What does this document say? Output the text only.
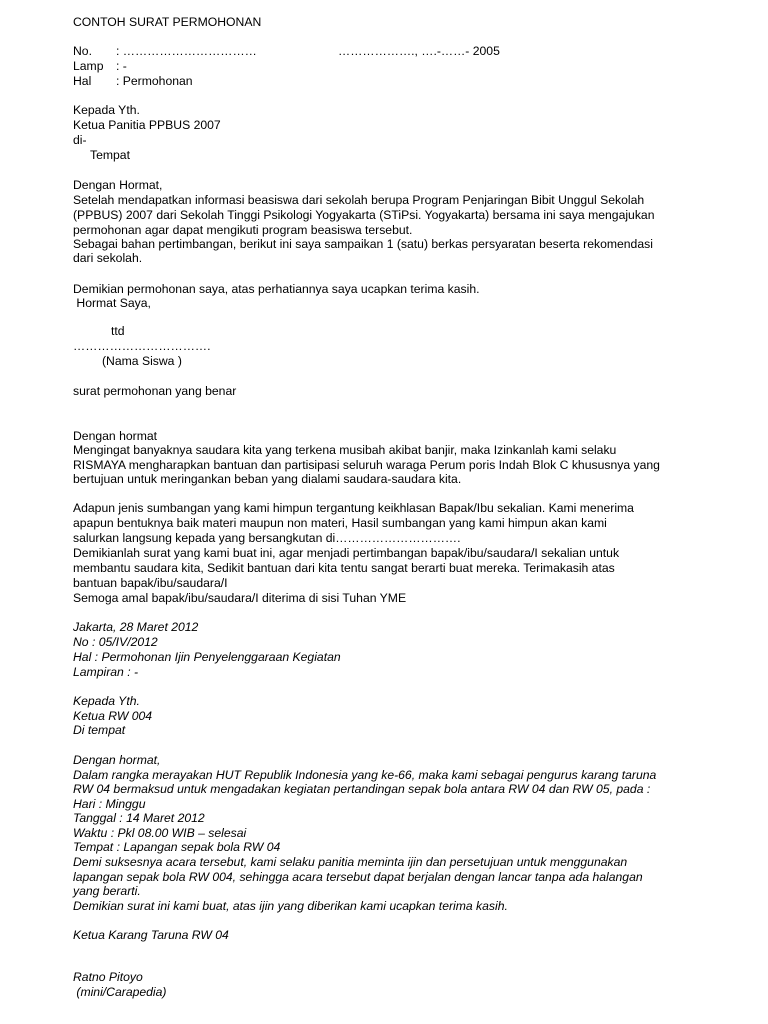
CONTOH SURAT PERMOHONAN
No. : ……………………………	………………., ….-……- 2005
Lamp : -
Hal : Permohonan
Kepada Yth.
Ketua Panitia PPBUS 2007
di-
Tempat
Dengan Hormat,
Setelah mendapatkan informasi beasiswa dari sekolah berupa Program Penjaringan Bibit Unggul Sekolah
(PPBUS) 2007 dari Sekolah Tinggi Psikologi Yogyakarta (STiPsi. Yogyakarta) bersama ini saya mengajukan
permohonan agar dapat mengikuti program beasiswa tersebut.
Sebagai bahan pertimbangan, berikut ini saya sampaikan 1 (satu) berkas persyaratan beserta rekomendasi
dari sekolah.
Demikian permohonan saya, atas perhatiannya saya ucapkan terima kasih.
Hormat Saya,
ttd
…………………………….
(Nama Siswa )
surat permohonan yang benar
Dengan hormat
Mengingat banyaknya saudara kita yang terkena musibah akibat banjir, maka Izinkanlah kami selaku
RISMAYA mengharapkan bantuan dan partisipasi seluruh waraga Perum poris Indah Blok C khususnya yang
bertujuan untuk meringankan beban yang dialami saudara-saudara kita.
Adapun jenis sumbangan yang kami himpun tergantung keikhlasan Bapak/Ibu sekalian. Kami menerima
apapun bentuknya baik materi maupun non materi, Hasil sumbangan yang kami himpun akan kami
salurkan langsung kepada yang bersangkutan di………………………….
Demikianlah surat yang kami buat ini, agar menjadi pertimbangan bapak/ibu/saudara/I sekalian untuk
membantu saudara kita, Sedikit bantuan dari kita tentu sangat berarti buat mereka. Terimakasih atas
bantuan bapak/ibu/saudara/I
Semoga amal bapak/ibu/saudara/I diterima di sisi Tuhan YME
Jakarta, 28 Maret 2012
No : 05/IV/2012
Hal : Permohonan Ijin Penyelenggaraan Kegiatan
Lampiran : -
Kepada Yth.
Ketua RW 004
Di tempat
Dengan hormat,
Dalam rangka merayakan HUT Republik Indonesia yang ke-66, maka kami sebagai pengurus karang taruna
RW 04 bermaksud untuk mengadakan kegiatan pertandingan sepak bola antara RW 04 dan RW 05, pada :
Hari : Minggu
Tanggal : 14 Maret 2012
Waktu : Pkl 08.00 WIB – selesai
Tempat : Lapangan sepak bola RW 04
Demi suksesnya acara tersebut, kami selaku panitia meminta ijin dan persetujuan untuk menggunakan
lapangan sepak bola RW 004, sehingga acara tersebut dapat berjalan dengan lancar tanpa ada halangan
yang berarti.
Demikian surat ini kami buat, atas ijin yang diberikan kami ucapkan terima kasih.
Ketua Karang Taruna RW 04
Ratno Pitoyo
(mini/Carapedia)
